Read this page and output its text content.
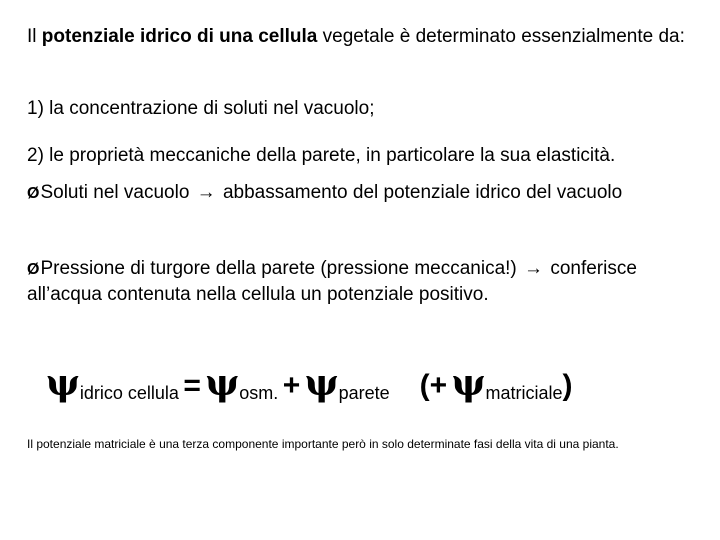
Il potenziale idrico di una cellula vegetale è determinato essenzialmente da:
1) la concentrazione di soluti nel vacuolo;
2) le proprietà meccaniche della parete, in particolare la sua elasticità.
ØSoluti nel vacuolo → abbassamento del potenziale idrico del vacuolo
ØPressione di turgore della parete (pressione meccanica!) → conferisce all’acqua contenuta nella cellula un potenziale positivo.
ψidrico cellula = ψosm. + ψparete (+ ψmatriciale)
Il potenziale matriciale è una terza componente importante però in solo determinate fasi della vita di una pianta.
